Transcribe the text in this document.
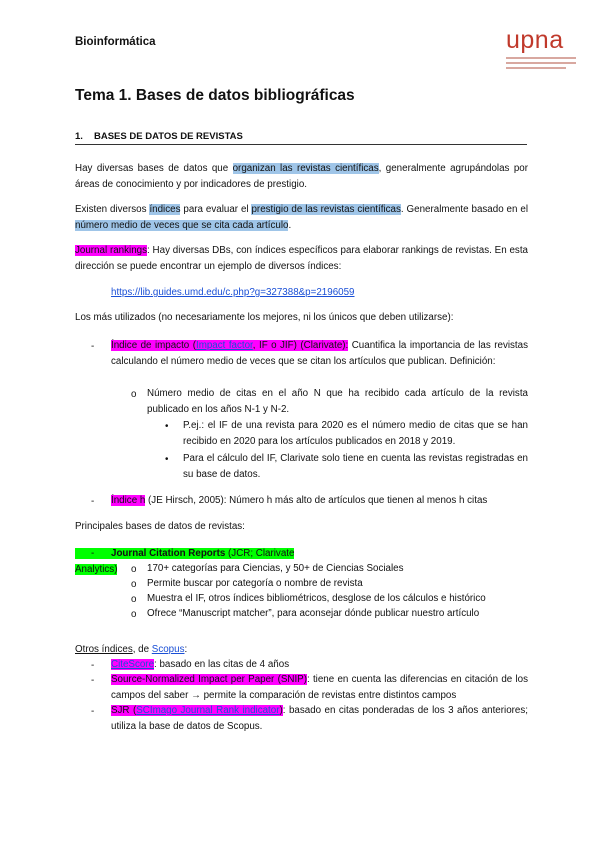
Bioinformática	upna
Tema 1. Bases de datos bibliográficas
1. BASES DE DATOS DE REVISTAS
Hay diversas bases de datos que organizan las revistas científicas, generalmente agrupándolas por áreas de conocimiento y por indicadores de prestigio.
Existen diversos índices para evaluar el prestigio de las revistas científicas. Generalmente basado en el número medio de veces que se cita cada artículo.
Journal rankings: Hay diversas DBs, con índices específicos para elaborar rankings de revistas. En esta dirección se puede encontrar un ejemplo de diversos índices:
https://lib.guides.umd.edu/c.php?g=327388&p=2196059
Los más utilizados (no necesariamente los mejores, ni los únicos que deben utilizarse):
- Índice de impacto (Impact factor, IF o JIF) (Clarivate): Cuantifica la importancia de las revistas calculando el número medio de veces que se citan los artículos que publican. Definición:
o Número medio de citas en el año N que ha recibido cada artículo de la revista publicado en los años N-1 y N-2.
• P.ej.: el IF de una revista para 2020 es el número medio de citas que se han recibido en 2020 para los artículos publicados en 2018 y 2019.
• Para el cálculo del IF, Clarivate solo tiene en cuenta las revistas registradas en su base de datos.
- Índice h (JE Hirsch, 2005): Número h más alto de artículos que tienen al menos h citas
Principales bases de datos de revistas:
- Journal Citation Reports (JCR; Clarivate Analytics)	o 170+ categorías para Ciencias, y 50+ de Ciencias Sociales
o Permite buscar por categoría o nombre de revista
o Muestra el IF, otros índices bibliométricos, desglose de los cálculos e histórico
o Ofrece “Manuscript matcher”, para aconsejar dónde publicar nuestro artículo
Otros índices, de Scopus:
- CiteScore: basado en las citas de 4 años
- Source-Normalized Impact per Paper (SNIP): tiene en cuenta las diferencias en citación de los campos del saber → permite la comparación de revistas entre distintos campos
- SJR (SCImago Journal Rank indicator): basado en citas ponderadas de los 3 años anteriores; utiliza la base de datos de Scopus.
